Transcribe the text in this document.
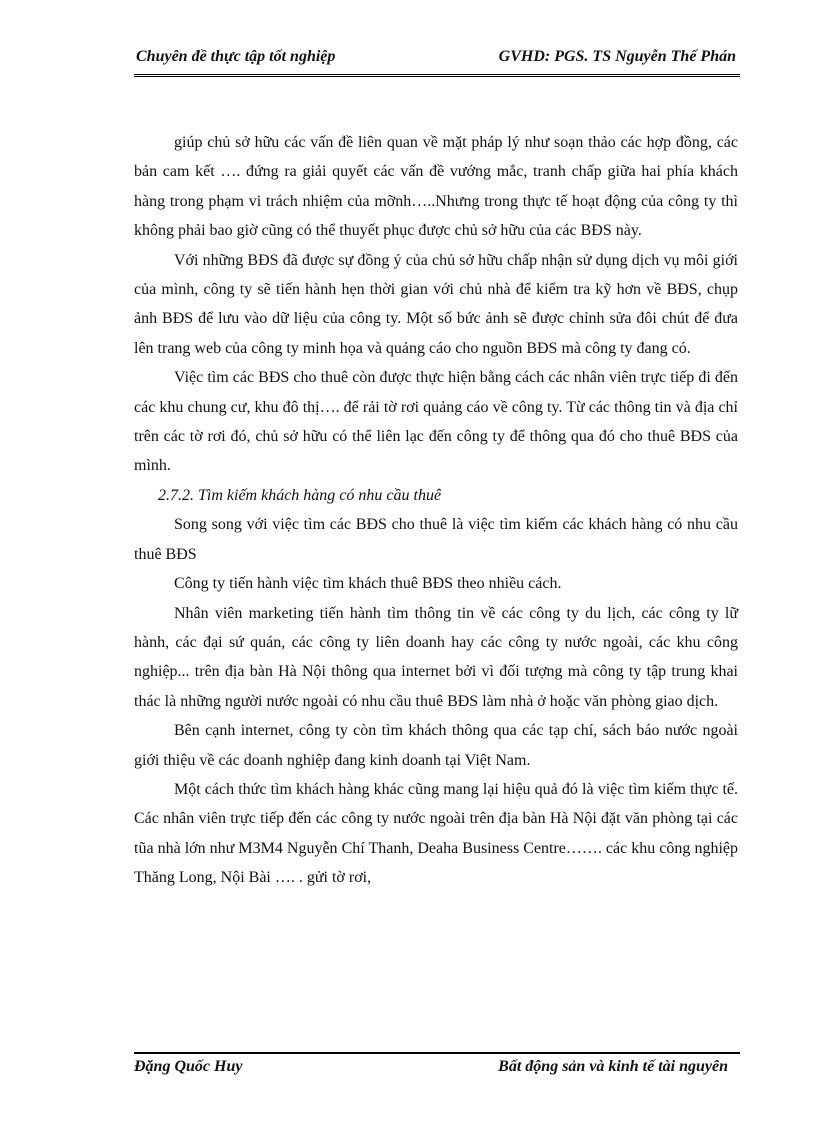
Chuyên đề thực tập tốt nghiệp	GVHD: PGS. TS Nguyễn Thế Phán

giúp chủ sở hữu các vấn đề liên quan về mặt pháp lý như soạn thảo các hợp đồng, các bản cam kết …. đứng ra giải quyết các vấn đề vướng mắc, tranh chấp giữa hai phía khách hàng trong phạm vi trách nhiệm của mỡnh…..Nhưng trong thực tế hoạt động của công ty thì không phải bao giờ cũng có thể thuyết phục được chủ sở hữu của các BĐS này.

Với những BĐS đã được sự đồng ý của chủ sở hữu chấp nhận sử dụng dịch vụ môi giới của mình, công ty sẽ tiến hành hẹn thời gian với chủ nhà để kiểm tra kỹ hơn về BĐS, chụp ảnh BĐS để lưu vào dữ liệu của công ty. Một số bức ảnh sẽ được chỉnh sửa đôi chút để đưa lên trang web của công ty minh họa và quảng cáo cho nguồn BĐS mà công ty đang có.

Việc tìm các BĐS cho thuê còn được thực hiện bằng cách các nhân viên trực tiếp đi đến các khu chung cư, khu đô thị…. để rải tờ rơi quảng cáo về công ty. Từ các thông tin và địa chỉ trên các tờ rơi đó, chủ sở hữu có thể liên lạc đến công ty để thông qua đó cho thuê BĐS của mình.

2.7.2. Tìm kiếm khách hàng có nhu cầu thuê

Song song với việc tìm các BĐS cho thuê là việc tìm kiếm các khách hàng có nhu cầu thuê BĐS

Công ty tiến hành việc tìm khách thuê BĐS theo nhiều cách.

Nhân viên marketing tiến hành tìm thông tin về các công ty du lịch, các công ty lữ hành, các đại sứ quán, các công ty liên doanh hay các công ty nước ngoài, các khu công nghiệp... trên địa bàn Hà Nội thông qua internet bởi vì đối tượng mà công ty tập trung khai thác là những người nước ngoài có nhu cầu thuê BĐS làm nhà ở hoặc văn phòng giao dịch.

Bên cạnh internet, công ty còn tìm khách thông qua các tạp chí, sách báo nước ngoài giới thiệu về các doanh nghiệp đang kinh doanh tại Việt Nam.

Một cách thức tìm khách hàng khác cũng mang lại hiệu quả đó là việc tìm kiếm thực tế. Các nhân viên trực tiếp đến các công ty nước ngoài trên địa bàn Hà Nội đặt văn phòng tại các tũa nhà lớn như M3M4 Nguyễn Chí Thanh, Deaha Business Centre……. các khu công nghiệp Thăng Long, Nội Bài …. . gửi tờ rơi,

Đặng Quốc Huy	Bất động sản và kinh tế tài nguyên
